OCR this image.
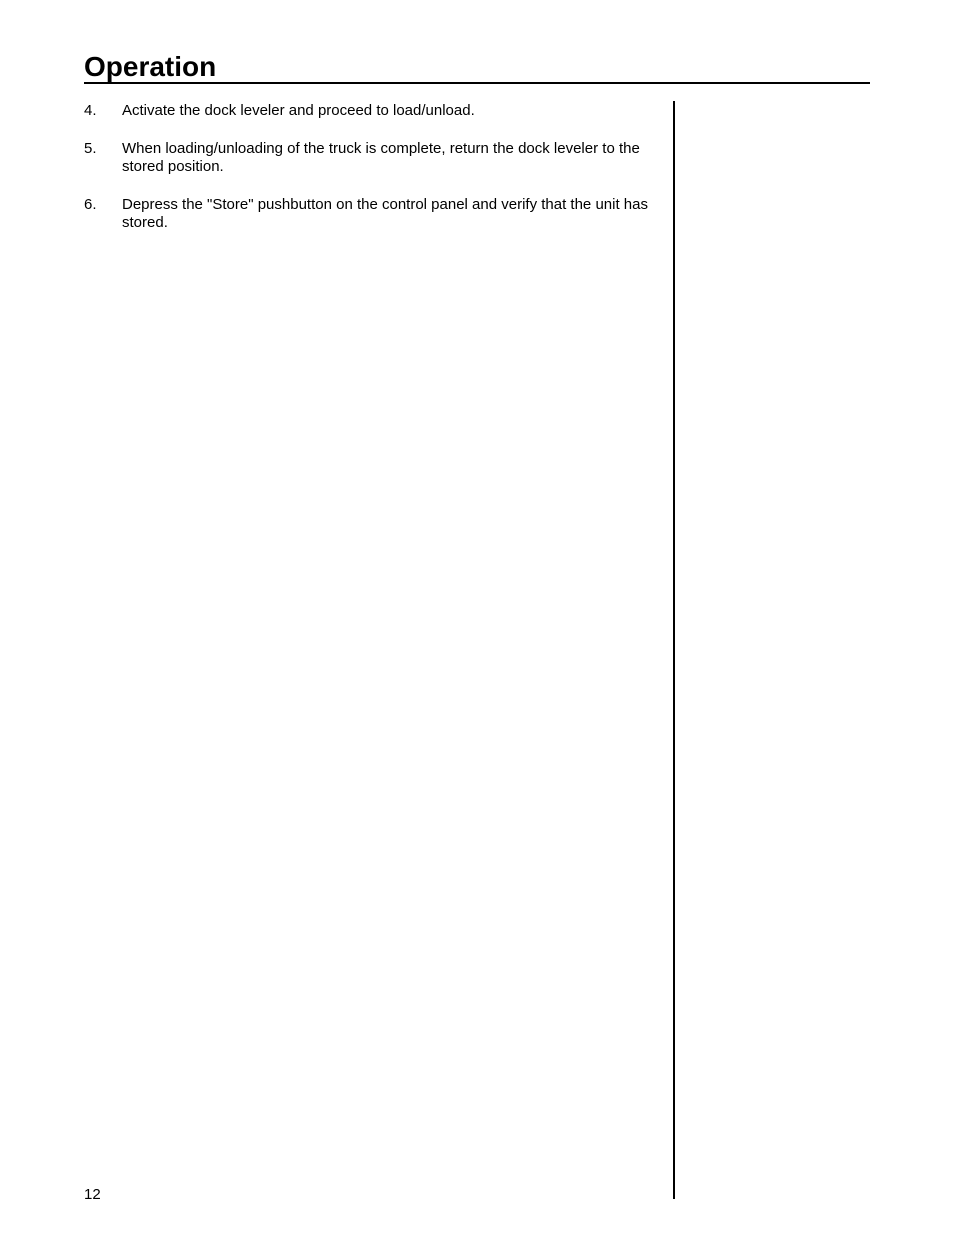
Operation
4. Activate the dock leveler and proceed to load/unload.
5. When loading/unloading of the truck is complete, return the dock leveler to the stored position.
6. Depress the "Store" pushbutton on the control panel and verify that the unit has stored.
12
